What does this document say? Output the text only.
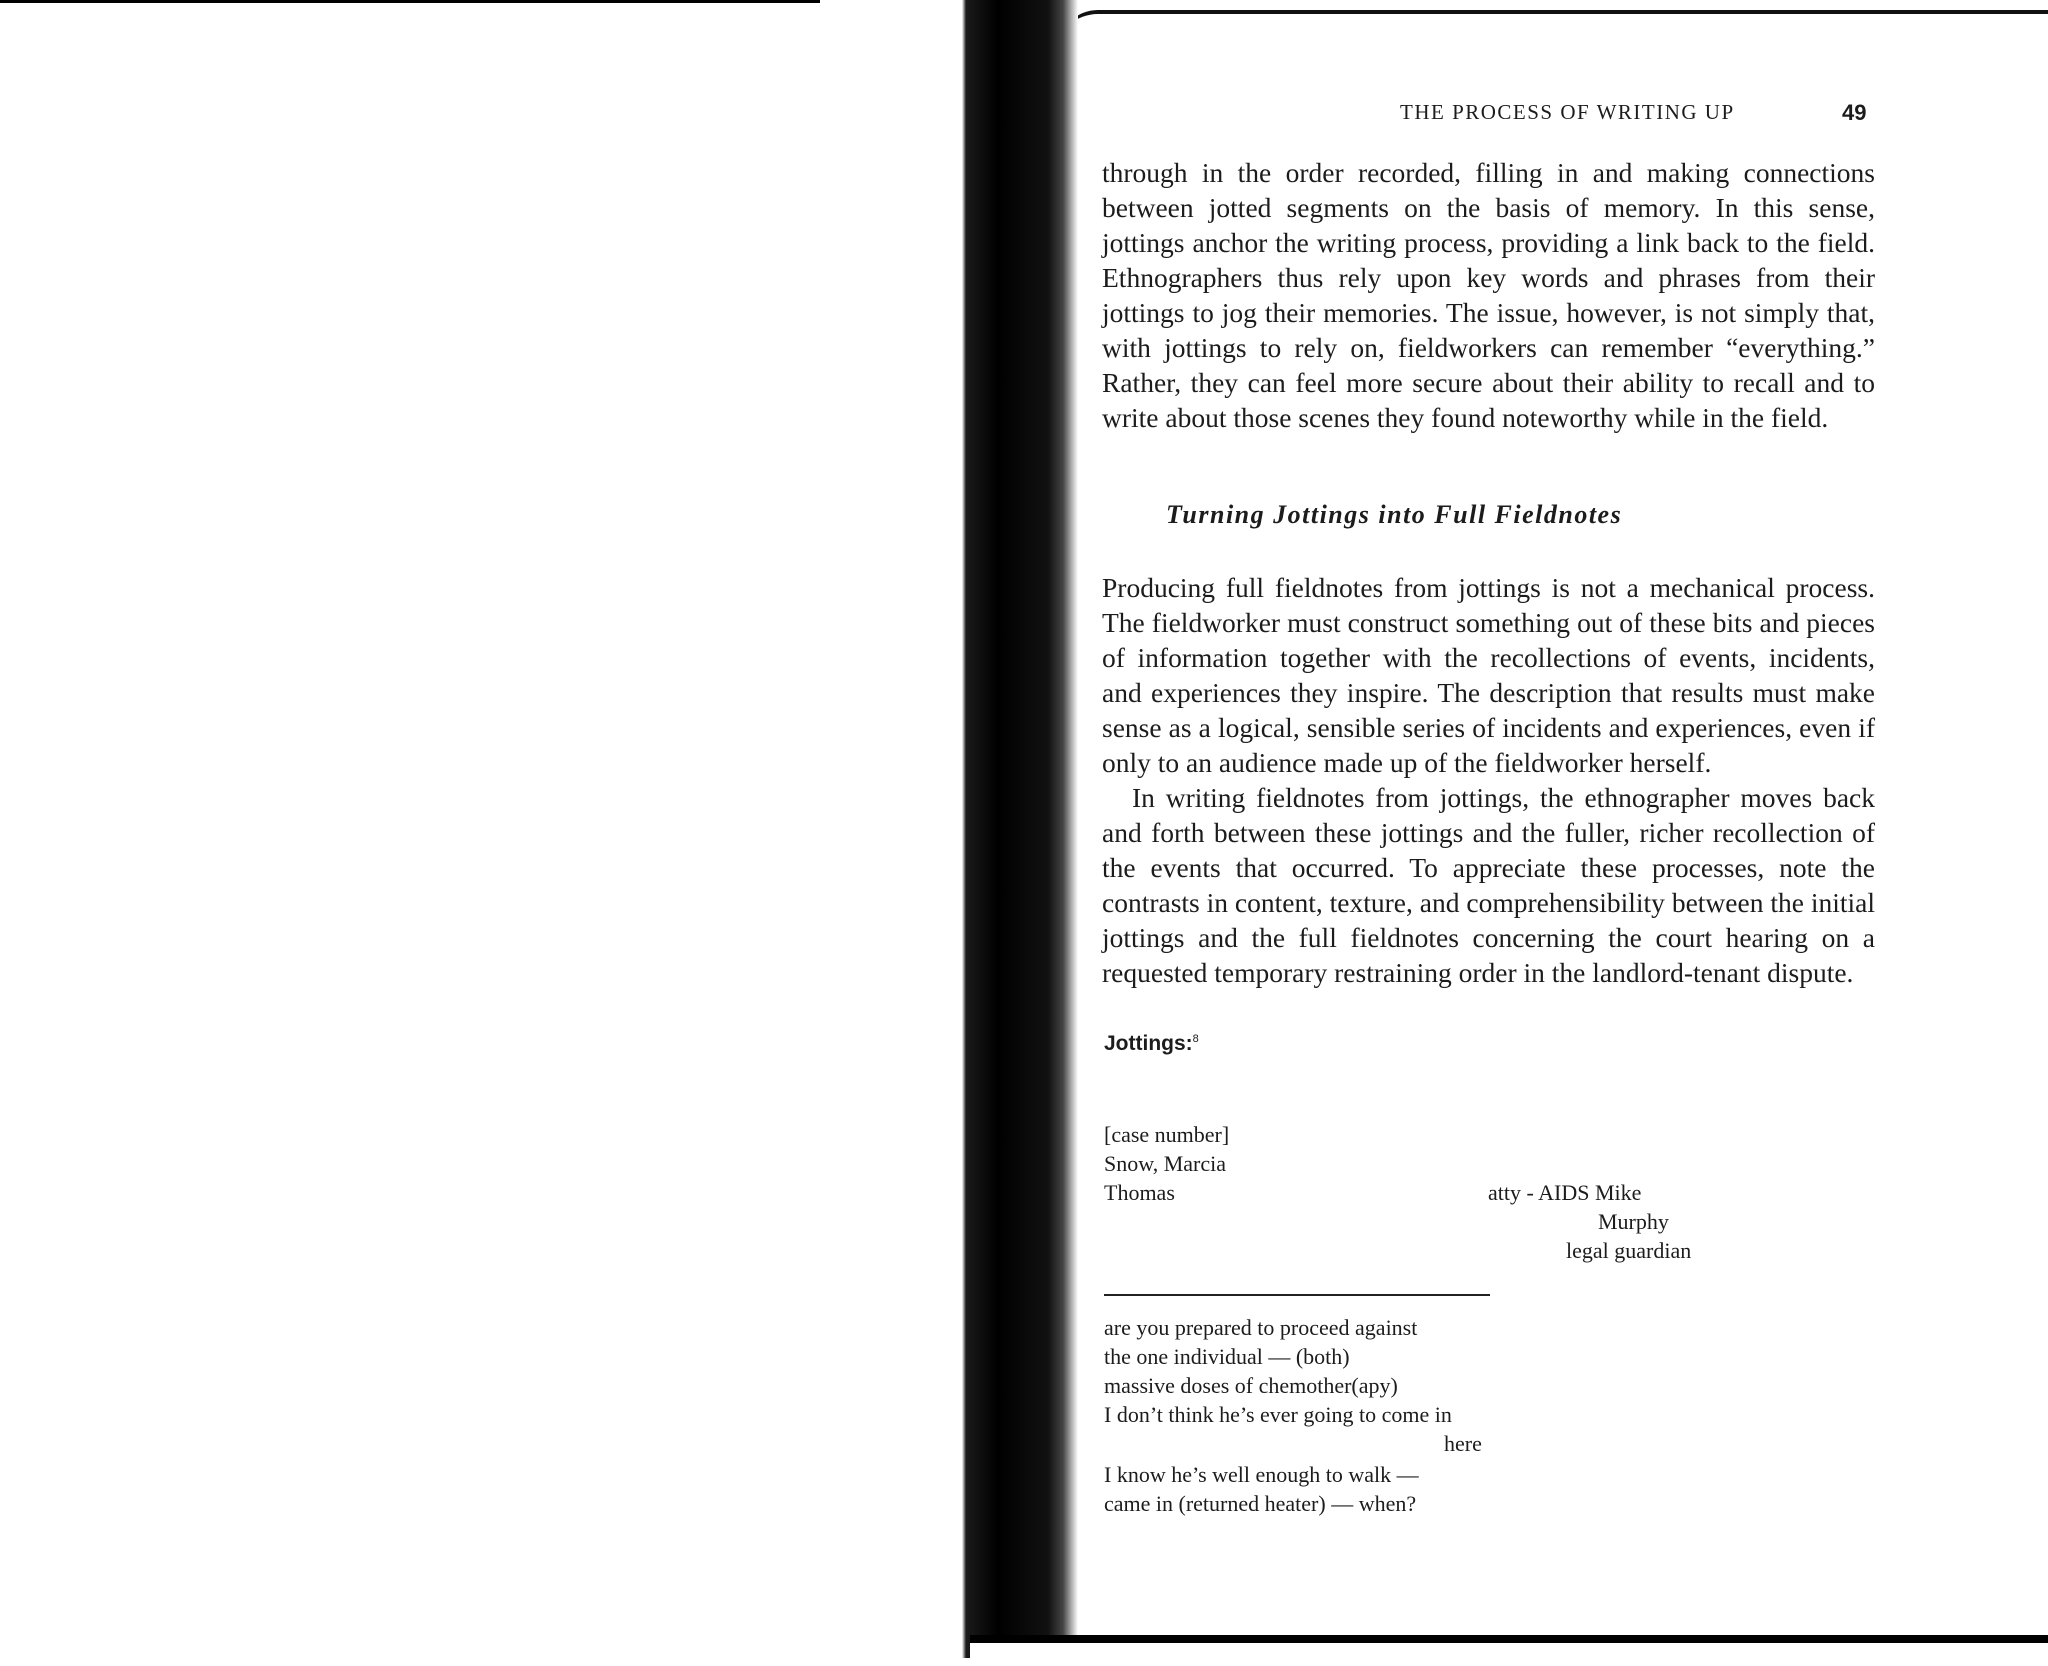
THE PROCESS OF WRITING UP	49

through in the order recorded, filling in and making connections between jotted segments on the basis of memory. In this sense, jottings anchor the writing process, providing a link back to the field. Ethnographers thus rely upon key words and phrases from their jottings to jog their memories. The issue, however, is not simply that, with jottings to rely on, fieldworkers can remember “everything.” Rather, they can feel more secure about their ability to recall and to write about those scenes they found noteworthy while in the field.

Turning Jottings into Full Fieldnotes

Producing full fieldnotes from jottings is not a mechanical process. The fieldworker must construct something out of these bits and pieces of information together with the recollections of events, incidents, and experiences they inspire. The description that results must make sense as a logical, sensible series of incidents and experiences, even if only to an audience made up of the fieldworker herself.

In writing fieldnotes from jottings, the ethnographer moves back and forth between these jottings and the fuller, richer recollection of the events that occurred. To appreciate these processes, note the contrasts in content, texture, and comprehensibility between the initial jottings and the full fieldnotes concerning the court hearing on a requested temporary restraining order in the landlord-tenant dispute.

Jottings:$^8$
[case number]
Snow, Marcia
Thomas	atty - AIDS Mike
Murphy
legal guardian
are you prepared to proceed against
the one individual — (both)
massive doses of chemother(apy)
I don’t think he’s ever going to come in
here
I know he’s well enough to walk —
came in (returned heater) — when?
